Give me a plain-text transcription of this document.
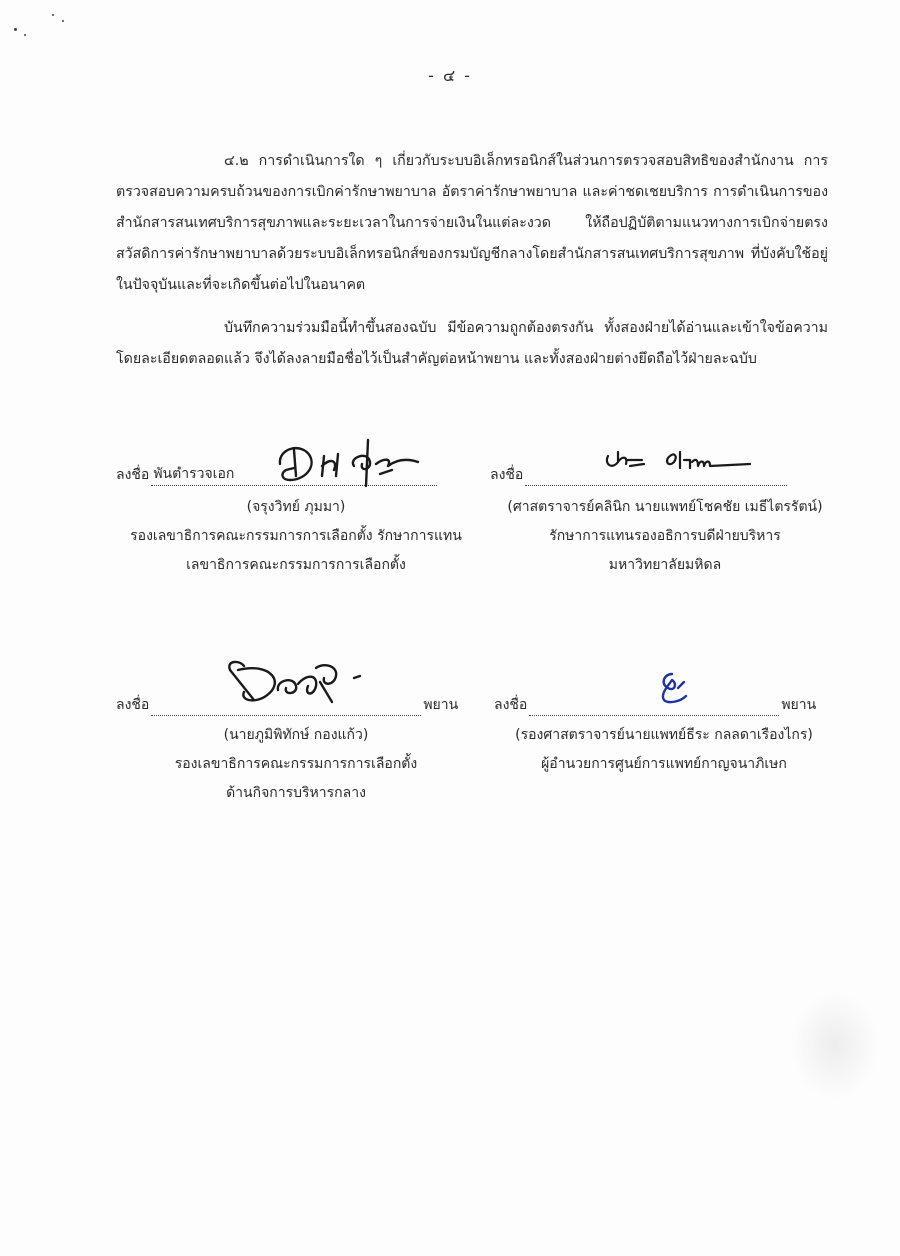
- ๔ -
๔.๒ การดำเนินการใด ๆ เกี่ยวกับระบบอิเล็กทรอนิกส์ในส่วนการตรวจสอบสิทธิของสำนักงาน การตรวจสอบความครบถ้วนของการเบิกค่ารักษาพยาบาล อัตราค่ารักษาพยาบาล และค่าชดเชยบริการ การดำเนินการของสำนักสารสนเทศบริการสุขภาพและระยะเวลาในการจ่ายเงินในแต่ละงวด ให้ถือปฏิบัติตามแนวทางการเบิกจ่ายตรงสวัสดิการค่ารักษาพยาบาลด้วยระบบอิเล็กทรอนิกส์ของกรมบัญชีกลางโดยสำนักสารสนเทศบริการสุขภาพ ที่บังคับใช้อยู่ในปัจจุบันและที่จะเกิดขึ้นต่อไปในอนาคต
บันทึกความร่วมมือนี้ทำขึ้นสองฉบับ มีข้อความถูกต้องตรงกัน ทั้งสองฝ่ายได้อ่านและเข้าใจข้อความโดยละเอียดตลอดแล้ว จึงได้ลงลายมือชื่อไว้เป็นสำคัญต่อหน้าพยาน และทั้งสองฝ่ายต่างยึดถือไว้ฝ่ายละฉบับ
ลงชื่อ พันตำรวจเอก
(จรุงวิทย์ ภุมมา)
รองเลขาธิการคณะกรรมการการเลือกตั้ง รักษาการแทน
เลขาธิการคณะกรรมการการเลือกตั้ง
ลงชื่อ
(ศาสตราจารย์คลินิก นายแพทย์โชคชัย เมธีไตรรัตน์)
รักษาการแทนรองอธิการบดีฝ่ายบริหาร
มหาวิทยาลัยมหิดล
ลงชื่อ	พยาน
(นายภูมิพิทักษ์ กองแก้ว)
รองเลขาธิการคณะกรรมการการเลือกตั้ง
ด้านกิจการบริหารกลาง
ลงชื่อ	พยาน
(รองศาสตราจารย์นายแพทย์ธีระ กลลดาเรืองไกร)
ผู้อำนวยการศูนย์การแพทย์กาญจนาภิเษก
